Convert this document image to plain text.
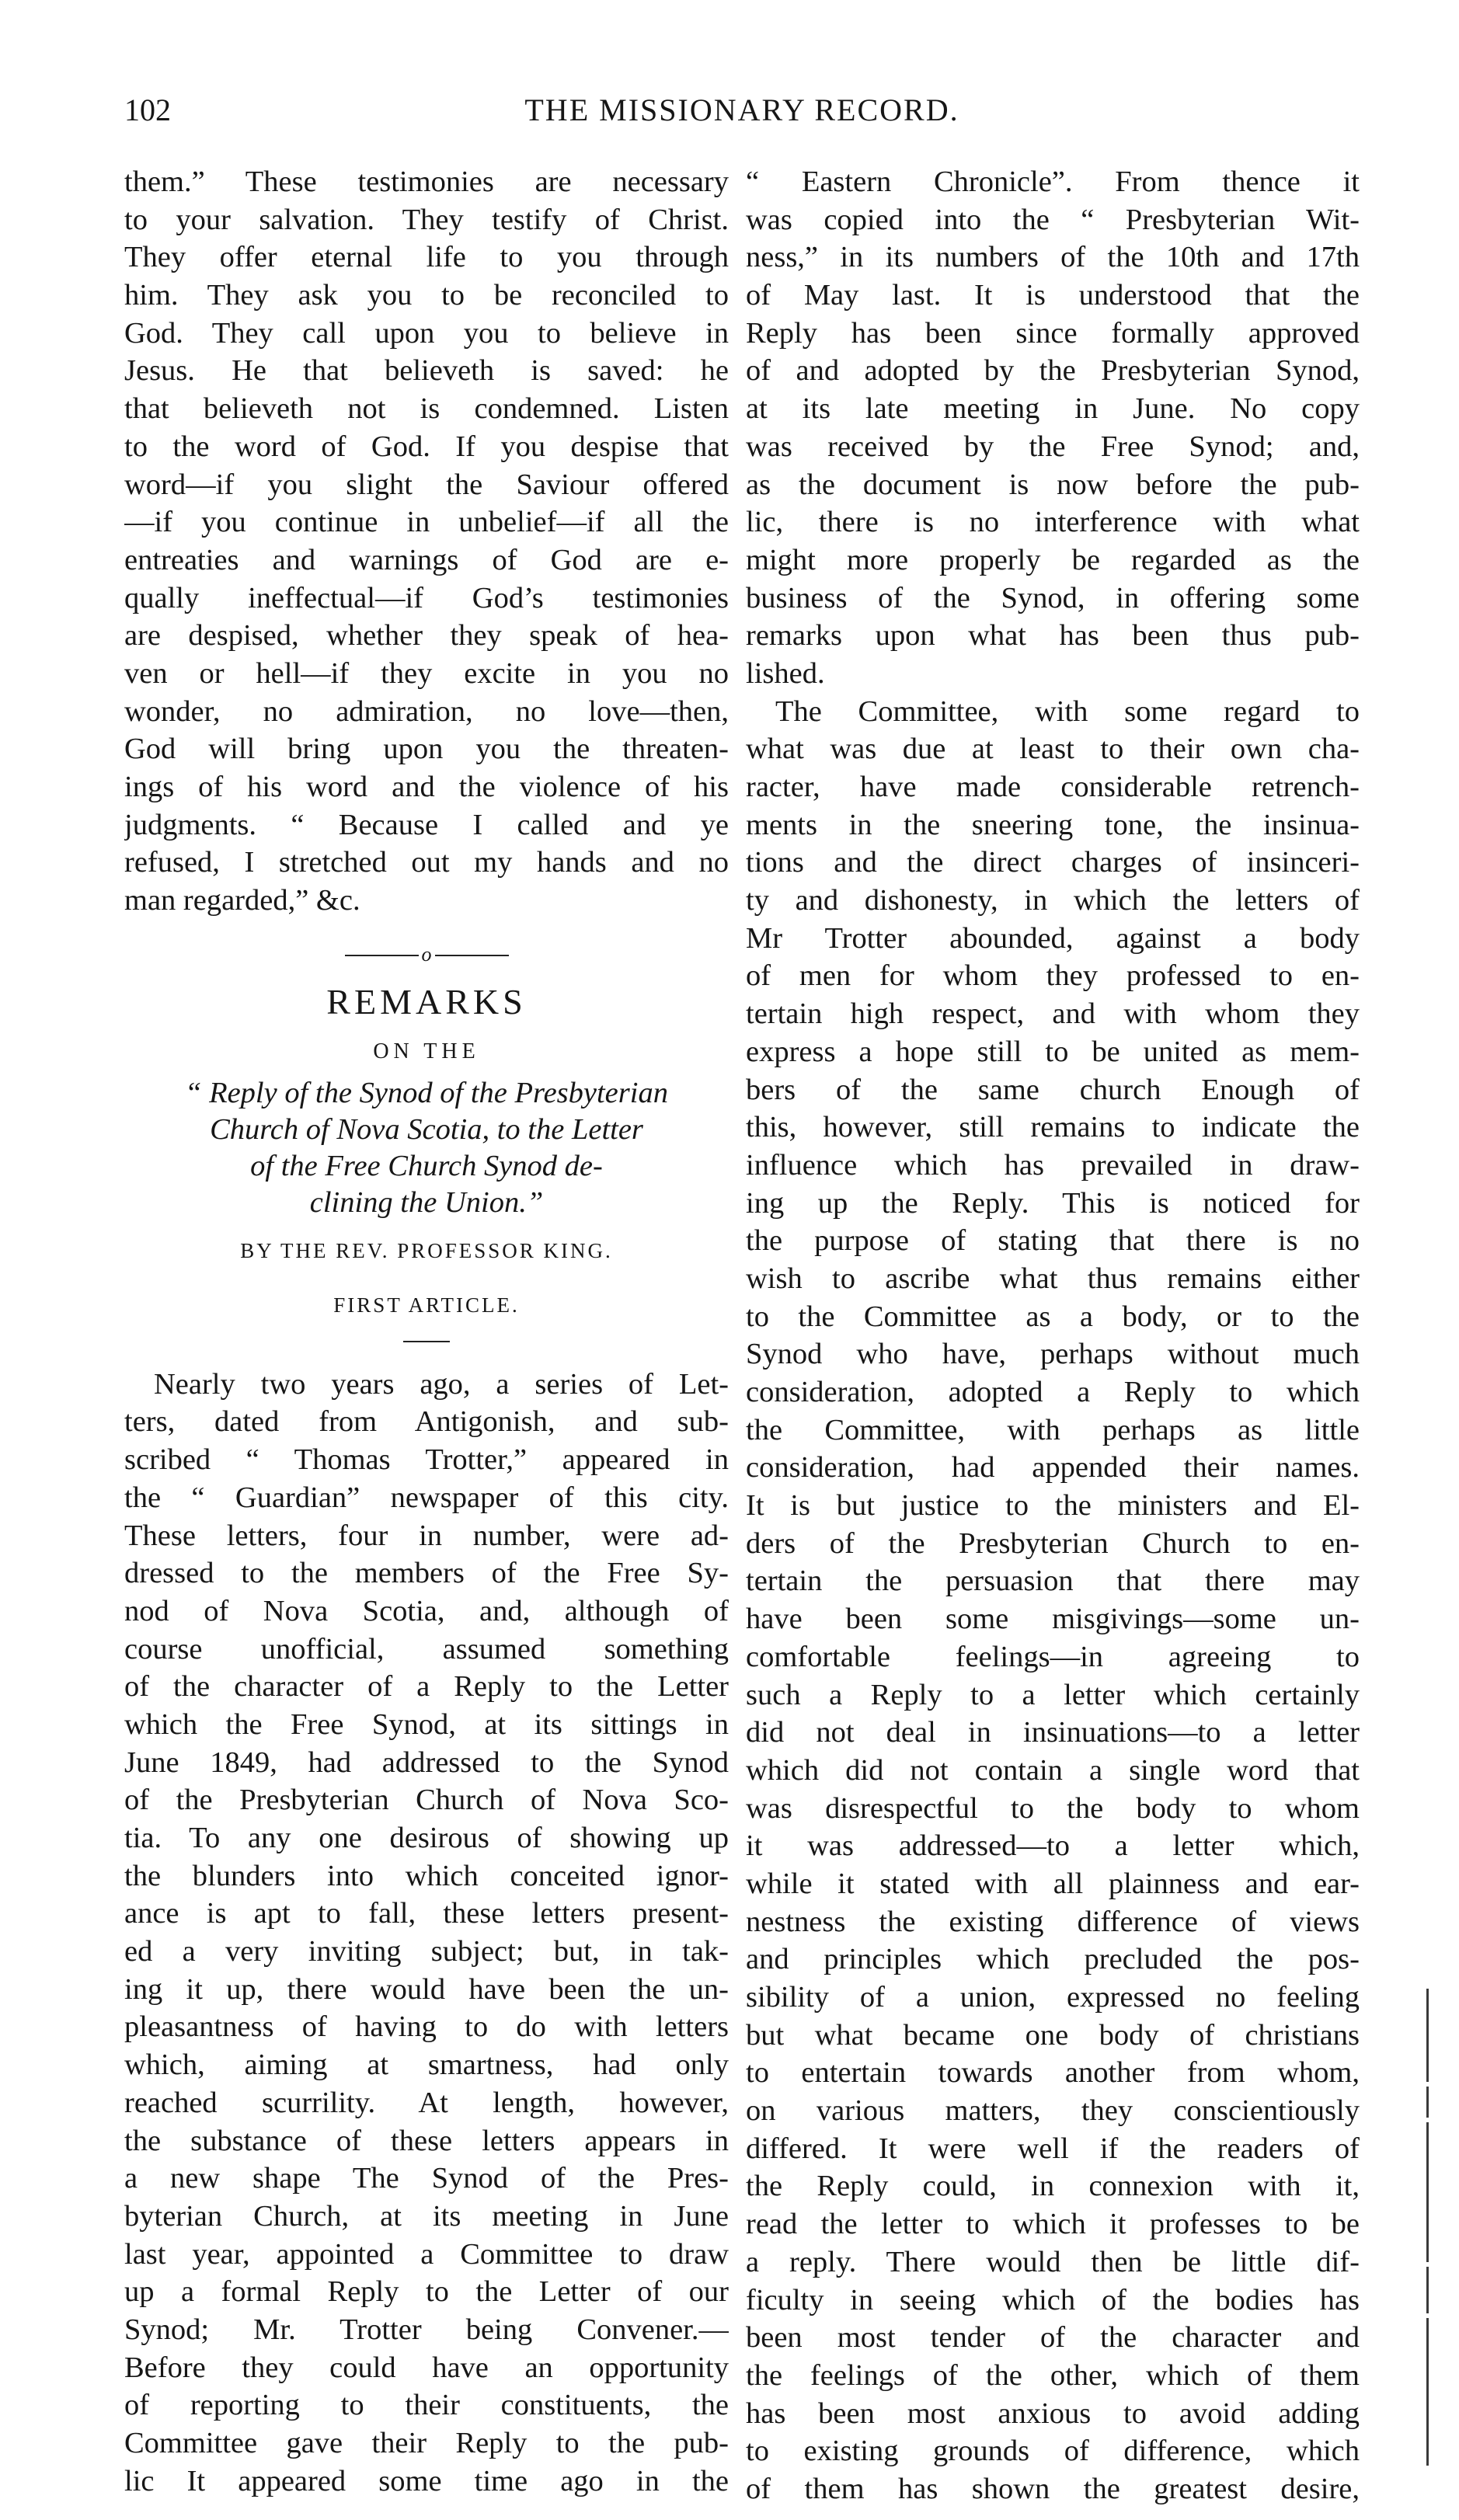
102	THE MISSIONARY RECORD.
them.” These testimonies are necessary
to your salvation. They testify of Christ.
They offer eternal life to you through
him. They ask you to be reconciled to
God. They call upon you to believe in
Jesus. He that believeth is saved: he
that believeth not is condemned. Listen
to the word of God. If you despise that
word—if you slight the Saviour offered
—if you continue in unbelief—if all the
entreaties and warnings of God are e-
qually ineffectual—if God’s testimonies
are despised, whether they speak of hea-
ven or hell—if they excite in you no
wonder, no admiration, no love—then,
God will bring upon you the threaten-
ings of his word and the violence of his
judgments. “ Because I called and ye
refused, I stretched out my hands and no
man regarded,” &c.
o
REMARKS
ON THE
“ Reply of the Synod of the Presbyterian
Church of Nova Scotia, to the Letter
of the Free Church Synod de-
clining the Union.”
BY THE REV. PROFESSOR KING.
FIRST ARTICLE.
Nearly two years ago, a series of Let-
ters, dated from Antigonish, and sub-
scribed “ Thomas Trotter,” appeared in
the “ Guardian” newspaper of this city.
These letters, four in number, were ad-
dressed to the members of the Free Sy-
nod of Nova Scotia, and, although of
course unofficial, assumed something
of the character of a Reply to the Letter
which the Free Synod, at its sittings in
June 1849, had addressed to the Synod
of the Presbyterian Church of Nova Sco-
tia. To any one desirous of showing up
the blunders into which conceited ignor-
ance is apt to fall, these letters present-
ed a very inviting subject; but, in tak-
ing it up, there would have been the un-
pleasantness of having to do with letters
which, aiming at smartness, had only
reached scurrility. At length, however,
the substance of these letters appears in
a new shape The Synod of the Pres-
byterian Church, at its meeting in June
last year, appointed a Committee to draw
up a formal Reply to the Letter of our
Synod; Mr. Trotter being Convener.—
Before they could have an opportunity
of reporting to their constituents, the
Committee gave their Reply to the pub-
lic It appeared some time ago in the
“ Eastern Chronicle”. From thence it
was copied into the “ Presbyterian Wit-
ness,” in its numbers of the 10th and 17th
of May last. It is understood that the
Reply has been since formally approved
of and adopted by the Presbyterian Synod,
at its late meeting in June. No copy
was received by the Free Synod; and,
as the document is now before the pub-
lic, there is no interference with what
might more properly be regarded as the
business of the Synod, in offering some
remarks upon what has been thus pub-
lished.
The Committee, with some regard to
what was due at least to their own cha-
racter, have made considerable retrench-
ments in the sneering tone, the insinua-
tions and the direct charges of insinceri-
ty and dishonesty, in which the letters of
Mr Trotter abounded, against a body
of men for whom they professed to en-
tertain high respect, and with whom they
express a hope still to be united as mem-
bers of the same church Enough of
this, however, still remains to indicate the
influence which has prevailed in draw-
ing up the Reply. This is noticed for
the purpose of stating that there is no
wish to ascribe what thus remains either
to the Committee as a body, or to the
Synod who have, perhaps without much
consideration, adopted a Reply to which
the Committee, with perhaps as little
consideration, had appended their names.
It is but justice to the ministers and El-
ders of the Presbyterian Church to en-
tertain the persuasion that there may
have been some misgivings—some un-
comfortable feelings—in agreeing to
such a Reply to a letter which certainly
did not deal in insinuations—to a letter
which did not contain a single word that
was disrespectful to the body to whom
it was addressed—to a letter which,
while it stated with all plainness and ear-
nestness the existing difference of views
and principles which precluded the pos-
sibility of a union, expressed no feeling
but what became one body of christians
to entertain towards another from whom,
on various matters, they conscientiously
differed. It were well if the readers of
the Reply could, in connexion with it,
read the letter to which it professes to be
a reply. There would then be little dif-
ficulty in seeing which of the bodies has
been most tender of the character and
the feelings of the other, which of them
has been most anxious to avoid adding
to existing grounds of difference, which
of them has shown the greatest desire,
